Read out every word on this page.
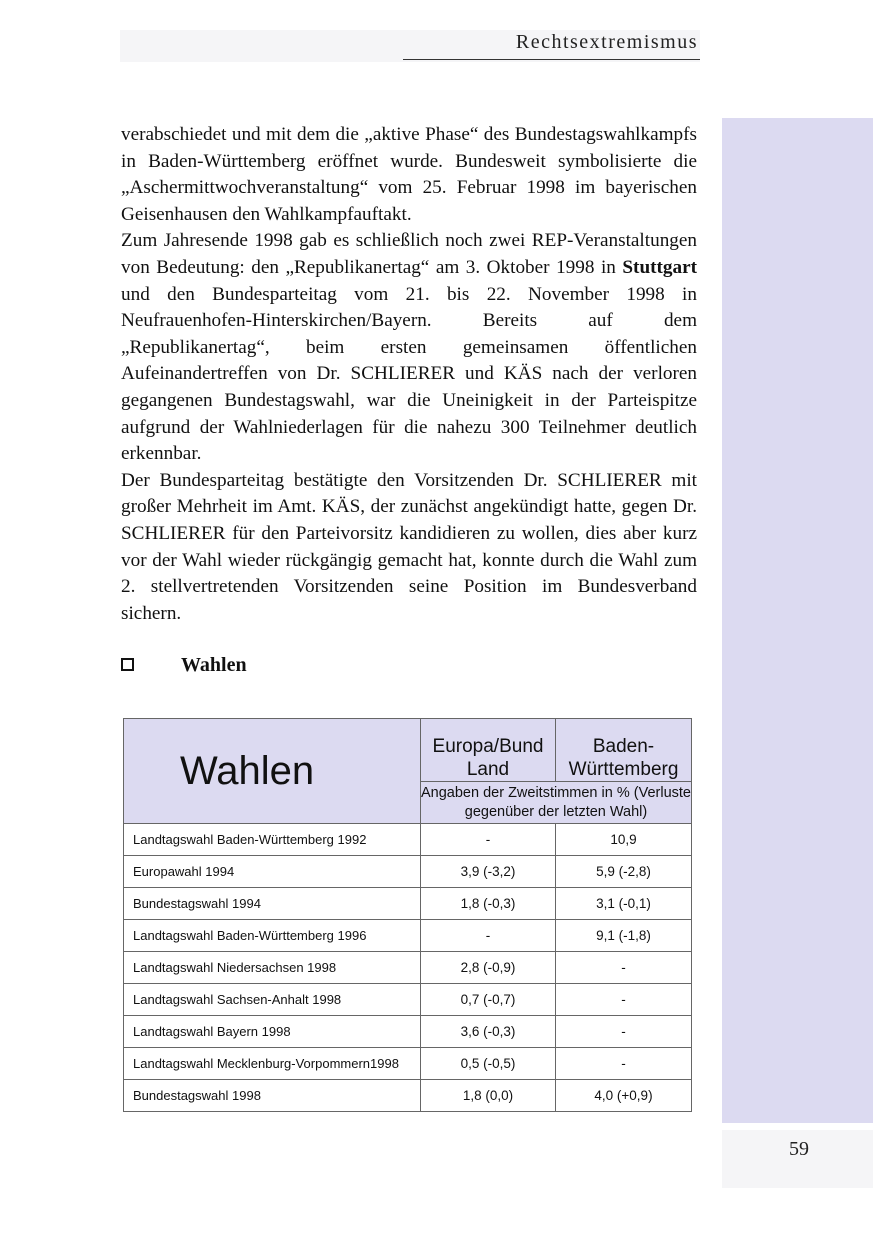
Rechtsextremismus
59

verabschiedet und mit dem die „aktive Phase“ des Bundestagswahlkampfs in Baden-Württemberg eröffnet wurde. Bundesweit symbolisierte die „Aschermittwochveranstaltung“ vom 25. Februar 1998 im bayerischen Geisenhausen den Wahlkampfauftakt.

Zum Jahresende 1998 gab es schließlich noch zwei REP-Veranstaltungen von Bedeutung: den „Republikanertag“ am 3. Oktober 1998 in Stuttgart und den Bundesparteitag vom 21. bis 22. November 1998 in Neufrauenhofen-Hinterskirchen/Bayern. Bereits auf dem „Republikanertag“, beim ersten gemeinsamen öffentlichen Aufeinandertreffen von Dr. SCHLIERER und KÄS nach der verloren gegangenen Bundestagswahl, war die Uneinigkeit in der Parteispitze aufgrund der Wahlniederlagen für die nahezu 300 Teilnehmer deutlich erkennbar.

Der Bundesparteitag bestätigte den Vorsitzenden Dr. SCHLIERER mit großer Mehrheit im Amt. KÄS, der zunächst angekündigt hatte, gegen Dr. SCHLIERER für den Parteivorsitz kandidieren zu wollen, dies aber kurz vor der Wahl wieder rückgängig gemacht hat, konnte durch die Wahl zum 2. stellvertretenden Vorsitzenden seine Position im Bundesverband sichern.

Wahlen
Wahlen	Europa/Bund Land	Baden-Württemberg
	Angaben der Zweitstimmen in % (Verluste gegenüber der letzten Wahl)	
Landtagswahl Baden-Württemberg 1992	-	10,9
Europawahl 1994	3,9 (-3,2)	5,9 (-2,8)
Bundestagswahl 1994	1,8 (-0,3)	3,1 (-0,1)
Landtagswahl Baden-Württemberg 1996	-	9,1 (-1,8)
Landtagswahl Niedersachsen 1998	2,8 (-0,9)	-
Landtagswahl Sachsen-Anhalt 1998	0,7 (-0,7)	-
Landtagswahl Bayern 1998	3,6 (-0,3)	-
Landtagswahl Mecklenburg-Vorpommern1998	0,5 (-0,5)	-
Bundestagswahl 1998	1,8 (0,0)	4,0 (+0,9)
